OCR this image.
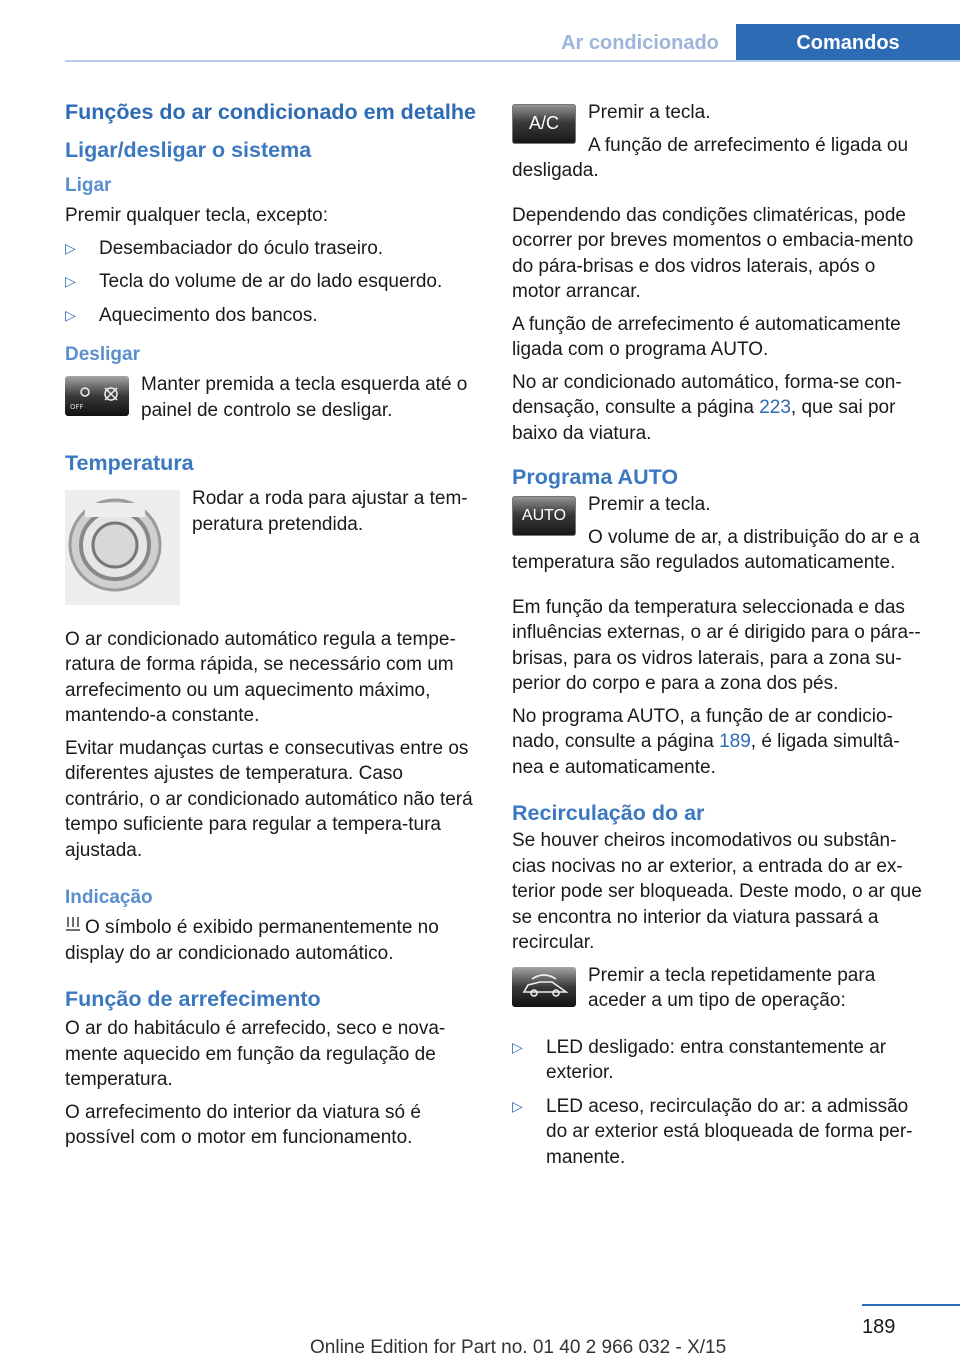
Ar condicionado	Comandos
Funções do ar condicionado em detalhe
Ligar/desligar o sistema
Ligar

Premir qualquer tecla, excepto:

▷ Desembaciador do óculo traseiro.
▷ Tecla do volume de ar do lado esquerdo.
▷ Aquecimento dos bancos.
Desligar
OFF

Manter premida a tecla esquerda até o painel de controlo se desligar.

Temperatura

Rodar a roda para ajustar a tem‐peratura pretendida.

O ar condicionado automático regula a tempe‐ratura de forma rápida, se necessário com um arrefecimento ou um aquecimento máximo, mantendo-a constante.

Evitar mudanças curtas e consecutivas entre os diferentes ajustes de temperatura. Caso contrário, o ar condicionado automático não terá tempo suficiente para regular a tempera‐tura ajustada.

Indicação

O símbolo é exibido permanentemente no display do ar condicionado automático.

Função de arrefecimento

O ar do habitáculo é arrefecido, seco e nova‐mente aquecido em função da regulação de temperatura.

O arrefecimento do interior da viatura só é possível com o motor em funcionamento.

A/C

Premir a tecla.

A função de arrefecimento é ligada ou desligada.

Dependendo das condições climatéricas, pode ocorrer por breves momentos o embacia‐mento do pára-brisas e dos vidros laterais, após o motor arrancar.

A função de arrefecimento é automaticamente ligada com o programa AUTO.

No ar condicionado automático, forma-se con‐densação, consulte a página 223, que sai por baixo da viatura.

Programa AUTO
AUTO

Premir a tecla.

O volume de ar, a distribuição do ar e a temperatura são regulados automaticamente.

Em função da temperatura seleccionada e das influências externas, o ar é dirigido para o pára-‐brisas, para os vidros laterais, para a zona su‐perior do corpo e para a zona dos pés.

No programa AUTO, a função de ar condicio‐nado, consulte a página 189, é ligada simultâ‐nea e automaticamente.

Recirculação do ar

Se houver cheiros incomodativos ou substân‐cias nocivas no ar exterior, a entrada do ar ex‐terior pode ser bloqueada. Deste modo, o ar que se encontra no interior da viatura passará a recircular.

Premir a tecla repetidamente para aceder a um tipo de operação:

▷ LED desligado: entra constantemente ar exterior.
▷ LED aceso, recirculação do ar: a admissão do ar exterior está bloqueada de forma per‐manente.
189
Online Edition for Part no. 01 40 2 966 032 - X/15
